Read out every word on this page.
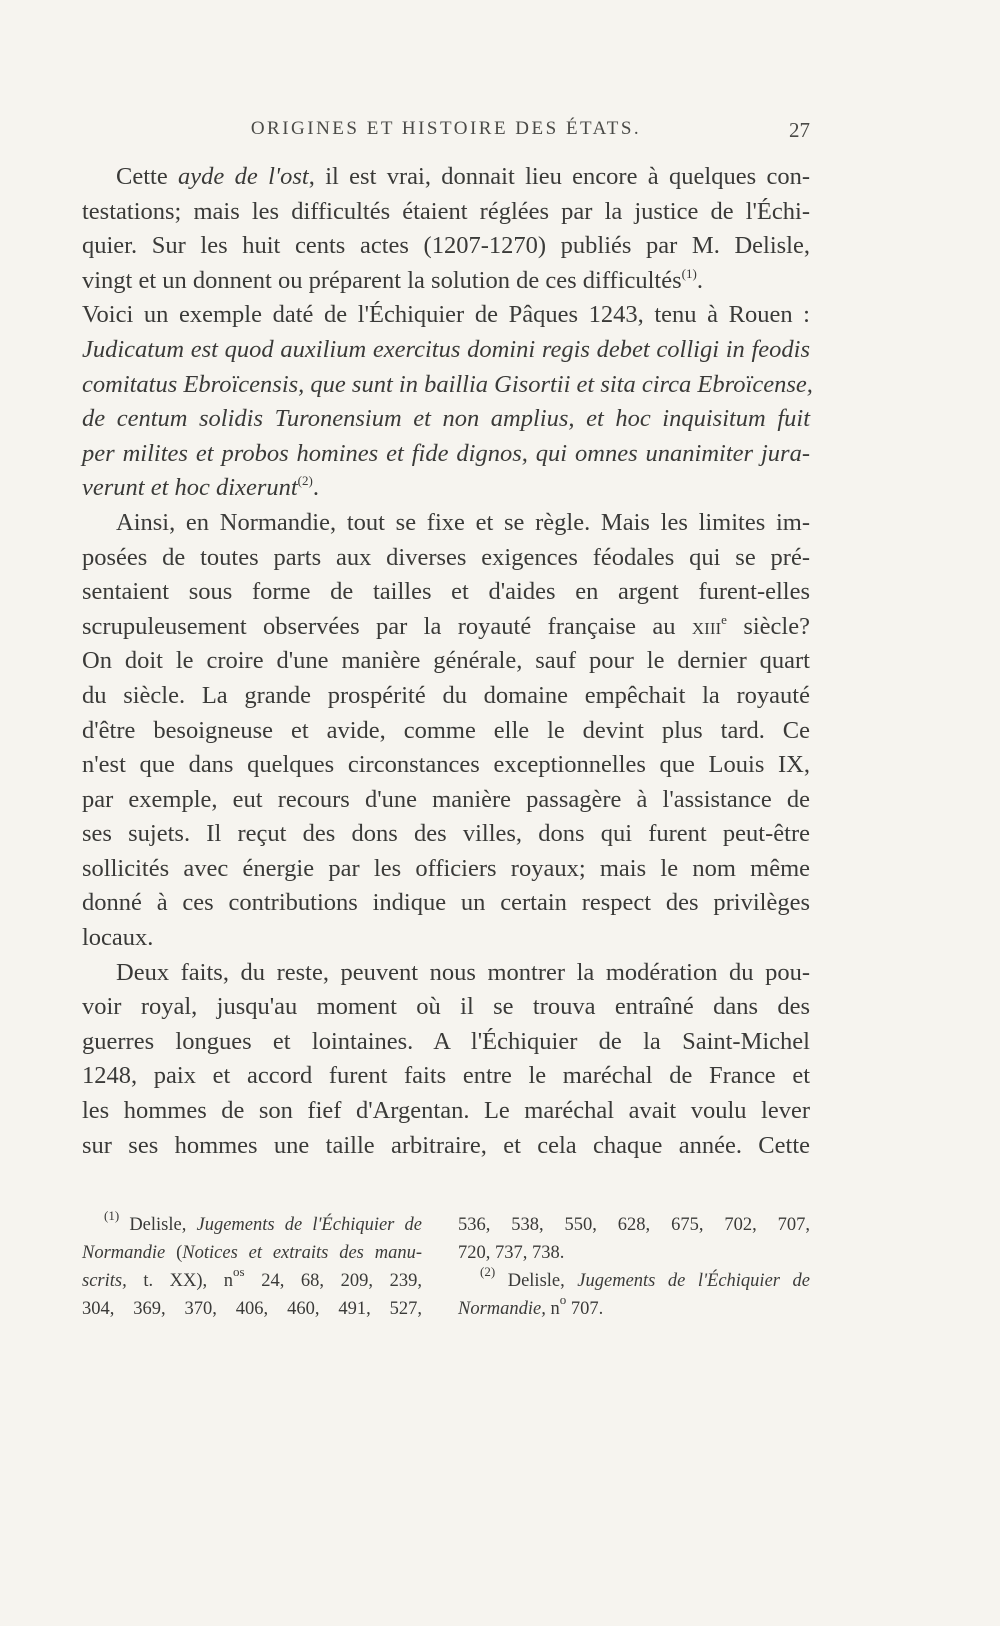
ORIGINES ET HISTOIRE DES ÉTATS.	27
Cette ayde de l'ost, il est vrai, donnait lieu encore à quelques con-
testations; mais les difficultés étaient réglées par la justice de l'Échi-
quier. Sur les huit cents actes (1207-1270) publiés par M. Delisle,
vingt et un donnent ou préparent la solution de ces difficultés$^{(1)}$.
Voici un exemple daté de l'Échiquier de Pâques 1243, tenu à Rouen :
Judicatum est quod auxilium exercitus domini regis debet colligi in feodis
comitatus Ebroïcensis, que sunt in baillia Gisortii et sita circa Ebroïcense,
de centum solidis Turonensium et non amplius, et hoc inquisitum fuit
per milites et probos homines et fide dignos, qui omnes unanimiter jura-
verunt et hoc dixerunt$^{(2)}$.
Ainsi, en Normandie, tout se fixe et se règle. Mais les limites im-
posées de toutes parts aux diverses exigences féodales qui se pré-
sentaient sous forme de tailles et d'aides en argent furent-elles
scrupuleusement observées par la royauté française au xiii$^e$ siècle?
On doit le croire d'une manière générale, sauf pour le dernier quart
du siècle. La grande prospérité du domaine empêchait la royauté
d'être besoigneuse et avide, comme elle le devint plus tard. Ce
n'est que dans quelques circonstances exceptionnelles que Louis IX,
par exemple, eut recours d'une manière passagère à l'assistance de
ses sujets. Il reçut des dons des villes, dons qui furent peut-être
sollicités avec énergie par les officiers royaux; mais le nom même
donné à ces contributions indique un certain respect des privilèges
locaux.
Deux faits, du reste, peuvent nous montrer la modération du pou-
voir royal, jusqu'au moment où il se trouva entraîné dans des
guerres longues et lointaines. A l'Échiquier de la Saint-Michel
1248, paix et accord furent faits entre le maréchal de France et
les hommes de son fief d'Argentan. Le maréchal avait voulu lever
sur ses hommes une taille arbitraire, et cela chaque année. Cette
$^{(1)}$ Delisle, Jugements de l'Échiquier de
Normandie (Notices et extraits des manu-
scrits, t. XX), $n^{os}$ 24, 68, 209, 239,
304, 369, 370, 406, 460, 491, 527,
536, 538, 550, 628, 675, 702, 707,
720, 737, 738.
$^{(2)}$ Delisle, Jugements de l'Échiquier de
Normandie, $n^o$ 707.
